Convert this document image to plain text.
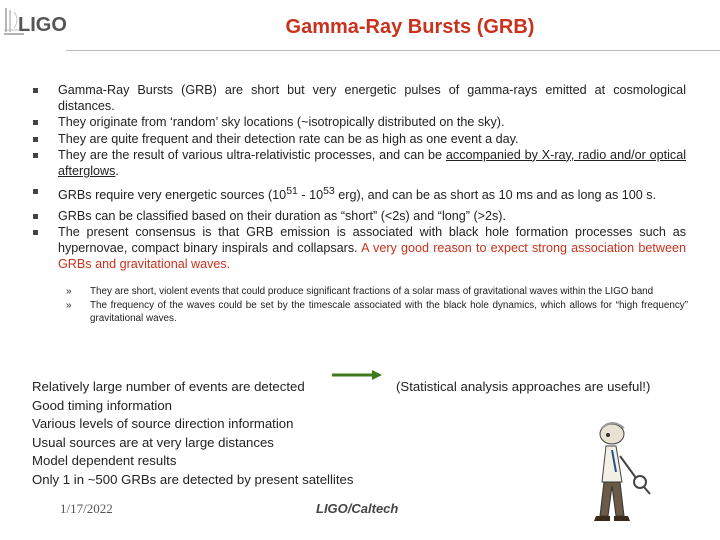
LIGO	Gamma-Ray Bursts (GRB)

Gamma-Ray Bursts (GRB) are short but very energetic pulses of gamma-rays emitted at cosmological distances.

They originate from ‘random’ sky locations (~isotropically distributed on the sky).

They are quite frequent and their detection rate can be as high as one event a day.

They are the result of various ultra-relativistic processes, and can be accompanied by X-ray, radio and/or optical afterglows.

GRBs require very energetic sources ($10^{51} - 10^{53}$ erg), and can be as short as 10 ms and as long as 100 s.

GRBs can be classified based on their duration as “short” (<2s) and “long” (>2s).

The present consensus is that GRB emission is associated with black hole formation processes such as hypernovae, compact binary inspirals and collapsars. A very good reason to expect strong association between GRBs and gravitational waves.

» They are short, violent events that could produce significant fractions of a solar mass of gravitational waves within the LIGO band
» The frequency of the waves could be set by the timescale associated with the black hole dynamics, which allows for “high frequency” gravitational waves.
Relatively large number of events are detected	(Statistical analysis approaches are useful!)
Good timing information
Various levels of source direction information
Usual sources are at very large distances
Model dependent results
Only 1 in ~500 GRBs are detected by present satellites
1/17/2022	LIGO/Caltech
